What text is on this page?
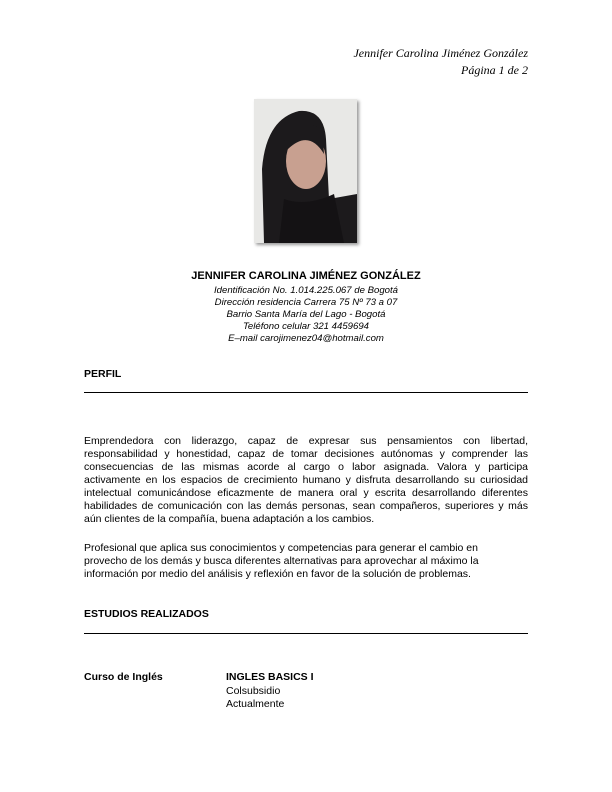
Jennifer Carolina Jiménez González
Página 1 de 2
JENNIFER CAROLINA JIMÉNEZ GONZÁLEZ
Identificación No. 1.014.225.067 de Bogotá
Dirección residencia Carrera 75 Nº 73 a 07
Barrio Santa María del Lago - Bogotá
Teléfono celular 321 4459694
E–mail carojimenez04@hotmail.com
PERFIL
Emprendedora con liderazgo, capaz de expresar sus pensamientos con libertad,
responsabilidad y honestidad, capaz de tomar decisiones autónomas y comprender las
consecuencias de las mismas acorde al cargo o labor asignada. Valora y participa
activamente en los espacios de crecimiento humano y disfruta desarrollando su curiosidad
intelectual comunicándose eficazmente de manera oral y escrita desarrollando diferentes
habilidades de comunicación con las demás personas, sean compañeros, superiores y más
aún clientes de la compañía, buena adaptación a los cambios.
Profesional que aplica sus conocimientos y competencias para generar el cambio en
provecho de los demás y busca diferentes alternativas para aprovechar al máximo la
información por medio del análisis y reflexión en favor de la solución de problemas.
ESTUDIOS REALIZADOS
Curso de Inglés	INGLES BASICS I
Colsubsidio
Actualmente
